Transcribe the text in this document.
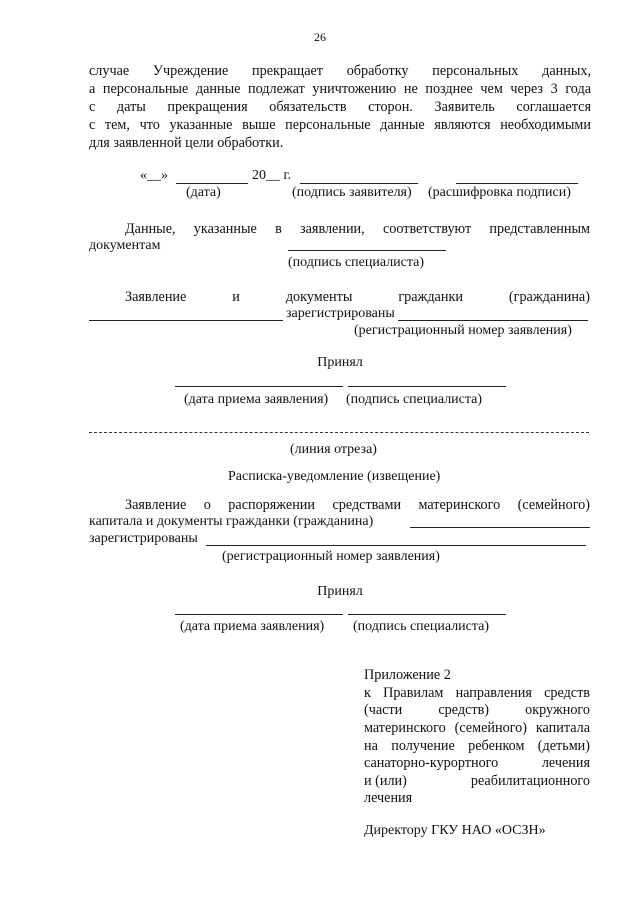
26
случае Учреждение прекращает обработку персональных данных,
а персональные данные подлежат уничтожению не позднее чем через 3 года
с даты прекращения обязательств сторон. Заявитель соглашается
с тем, что указанные выше персональные данные являются необходимыми
для заявленной цели обработки.
«__»	20__ г.
(дата)	(подпись заявителя) (расшифровка подписи)
Данные, указанные в заявлении, соответствуют представленным
документам
(подпись специалиста)
Заявление	и	документы	гражданки	(гражданина)
зарегистрированы
(регистрационный номер заявления)
Принял
(дата приема заявления) (подпись специалиста)
(линия отреза)
Расписка-уведомление (извещение)
Заявление о распоряжении средствами материнского (семейного)
капитала и документы гражданки (гражданина)
зарегистрированы
(регистрационный номер заявления)
Принял
(дата приема заявления) (подпись специалиста)
Приложение 2
к Правилам направления средств
(части	средств)	окружного
материнского (семейного) капитала
на получение ребенком (детьми)
санаторно-курортного	лечения
и (или)	реабилитационного
лечения
Директору ГКУ НАО «ОСЗН»
